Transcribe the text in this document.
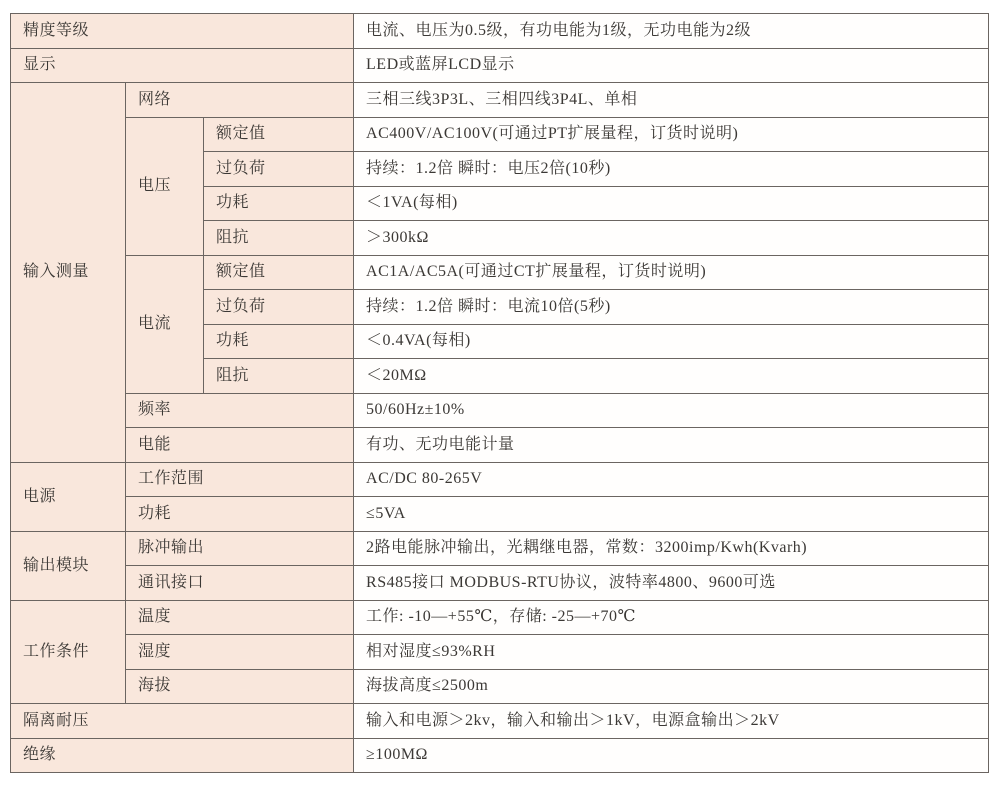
精度等级			电流、电压为0.5级，有功电能为1级，无功电能为2级
显示			LED或蓝屏LCD显示
输入测量	网络		三相三线3P3L、三相四线3P4L、单相
	电压	额定值	AC400V/AC100V(可通过PT扩展量程，订货时说明)
		过负荷	持续：1.2倍 瞬时：电压2倍(10秒)
		功耗	＜1VA(每相)
		阻抗	＞300kΩ
	电流	额定值	AC1A/AC5A(可通过CT扩展量程，订货时说明)
		过负荷	持续：1.2倍 瞬时：电流10倍(5秒)
		功耗	＜0.4VA(每相)
		阻抗	＜20MΩ
	频率		50/60Hz±10%
	电能		有功、无功电能计量
电源	工作范围		AC/DC 80-265V
	功耗		≤5VA
输出模块	脉冲输出		2路电能脉冲输出，光耦继电器，常数：3200imp/Kwh(Kvarh)
	通讯接口		RS485接口 MODBUS-RTU协议，波特率4800、9600可选
工作条件	温度		工作: -10—+55℃，存储: -25—+70℃
	湿度		相对湿度≤93%RH
	海拔		海拔高度≤2500m
隔离耐压			输入和电源＞2kv，输入和输出＞1kV，电源盒输出＞2kV
绝缘			≥100MΩ
